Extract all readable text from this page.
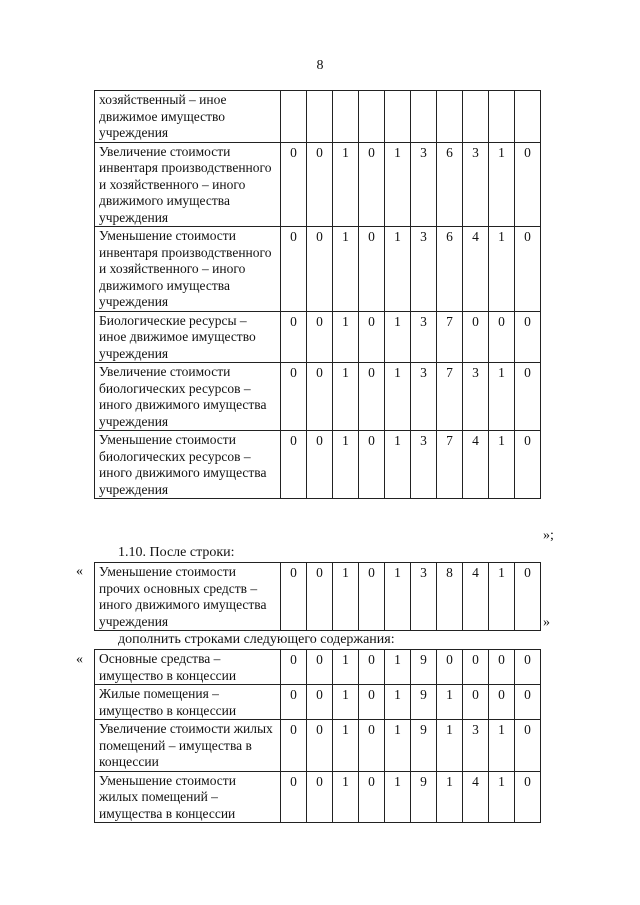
8
хозяйственный – иное движимое имущество учреждения										
Увеличение стоимости инвентаря производственного и хозяйственного – иного движимого имущества учреждения	0	0	1	0	1	3	6	3	1	0
Уменьшение стоимости инвентаря производственного и хозяйственного – иного движимого имущества учреждения	0	0	1	0	1	3	6	4	1	0
Биологические ресурсы – иное движимое имущество учреждения	0	0	1	0	1	3	7	0	0	0
Увеличение стоимости биологических ресурсов – иного движимого имущества учреждения	0	0	1	0	1	3	7	3	1	0
Уменьшение стоимости биологических ресурсов – иного движимого имущества учреждения	0	0	1	0	1	3	7	4	1	0
»;
1.10. После строки:
« Уменьшение стоимости прочих основных средств – иного движимого имущества учреждения	0	0	1	0	1	3	8	4	1	0
»
дополнить строками следующего содержания:
« Основные средства – имущество в концессии	0	0	1	0	1	9	0	0	0	0
Жилые помещения – имущество в концессии	0	0	1	0	1	9	1	0	0	0
Увеличение стоимости жилых помещений – имущества в концессии	0	0	1	0	1	9	1	3	1	0
Уменьшение стоимости жилых помещений – имущества в концессии	0	0	1	0	1	9	1	4	1	0
